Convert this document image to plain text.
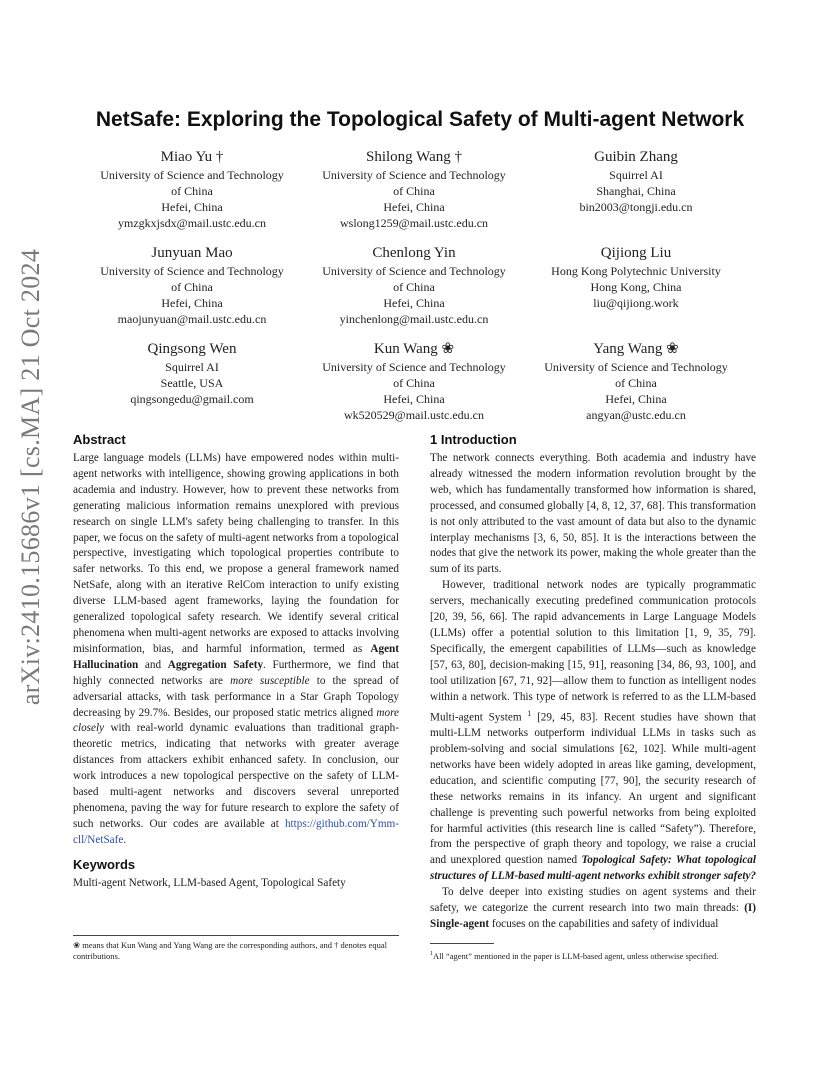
arXiv:2410.15686v1 [cs.MA] 21 Oct 2024
NetSafe: Exploring the Topological Safety of Multi-agent Network
Miao Yu †
University of Science and Technology
of China
Hefei, China
ymzgkxjsdx@mail.ustc.edu.cn
Shilong Wang †
University of Science and Technology
of China
Hefei, China
wslong1259@mail.ustc.edu.cn
Guibin Zhang
Squirrel AI
Shanghai, China
bin2003@tongji.edu.cn
Junyuan Mao
University of Science and Technology
of China
Hefei, China
maojunyuan@mail.ustc.edu.cn
Chenlong Yin
University of Science and Technology
of China
Hefei, China
yinchenlong@mail.ustc.edu.cn
Qijiong Liu
Hong Kong Polytechnic University
Hong Kong, China
liu@qijiong.work
Qingsong Wen
Squirrel AI
Seattle, USA
qingsongedu@gmail.com
Kun Wang ❀
University of Science and Technology
of China
Hefei, China
wk520529@mail.ustc.edu.cn
Yang Wang ❀
University of Science and Technology
of China
Hefei, China
angyan@ustc.edu.cn
Abstract

Large language models (LLMs) have empowered nodes within multi-agent networks with intelligence, showing growing applications in both academia and industry. However, how to prevent these networks from generating malicious information remains unexplored with previous research on single LLM's safety being challenging to transfer. In this paper, we focus on the safety of multi-agent networks from a topological perspective, investigating which topological properties contribute to safer networks. To this end, we propose a general framework named NetSafe, along with an iterative RelCom interaction to unify existing diverse LLM-based agent frameworks, laying the foundation for generalized topological safety research. We identify several critical phenomena when multi-agent networks are exposed to attacks involving misinformation, bias, and harmful information, termed as Agent Hallucination and Aggregation Safety. Furthermore, we find that highly connected networks are more susceptible to the spread of adversarial attacks, with task performance in a Star Graph Topology decreasing by 29.7%. Besides, our proposed static metrics aligned more closely with real-world dynamic evaluations than traditional graph-theoretic metrics, indicating that networks with greater average distances from attackers exhibit enhanced safety. In conclusion, our work introduces a new topological perspective on the safety of LLM-based multi-agent networks and discovers several unreported phenomena, paving the way for future research to explore the safety of such networks. Our codes are available at https://github.com/Ymm-cll/NetSafe.

Keywords
Multi-agent Network, LLM-based Agent, Topological Safety
1 Introduction

The network connects everything. Both academia and industry have already witnessed the modern information revolution brought by the web, which has fundamentally transformed how information is shared, processed, and consumed globally [4, 8, 12, 37, 68]. This transformation is not only attributed to the vast amount of data but also to the dynamic interplay mechanisms [3, 6, 50, 85]. It is the interactions between the nodes that give the network its power, making the whole greater than the sum of its parts.

However, traditional network nodes are typically programmatic servers, mechanically executing predefined communication protocols [20, 39, 56, 66]. The rapid advancements in Large Language Models (LLMs) offer a potential solution to this limitation [1, 9, 35, 79]. Specifically, the emergent capabilities of LLMs—such as knowledge [57, 63, 80], decision-making [15, 91], reasoning [34, 86, 93, 100], and tool utilization [67, 71, 92]—allow them to function as intelligent nodes within a network. This type of network is referred to as the LLM-based Multi-agent System $^1$ [29, 45, 83]. Recent studies have shown that multi-LLM networks outperform individual LLMs in tasks such as problem-solving and social simulations [62, 102]. While multi-agent networks have been widely adopted in areas like gaming, development, education, and scientific computing [77, 90], the security research of these networks remains in its infancy. An urgent and significant challenge is preventing such powerful networks from being exploited for harmful activities (this research line is called “Safety”). Therefore, from the perspective of graph theory and topology, we raise a crucial and unexplored question named Topological Safety: What topological structures of LLM-based multi-agent networks exhibit stronger safety?

To delve deeper into existing studies on agent systems and their safety, we categorize the current research into two main threads: (I) Single-agent focuses on the capabilities and safety of individual

❀ means that Kun Wang and Yang Wang are the corresponding authors, and † denotes equal contributions.	$^1$All “agent” mentioned in the paper is LLM-based agent, unless otherwise specified.
